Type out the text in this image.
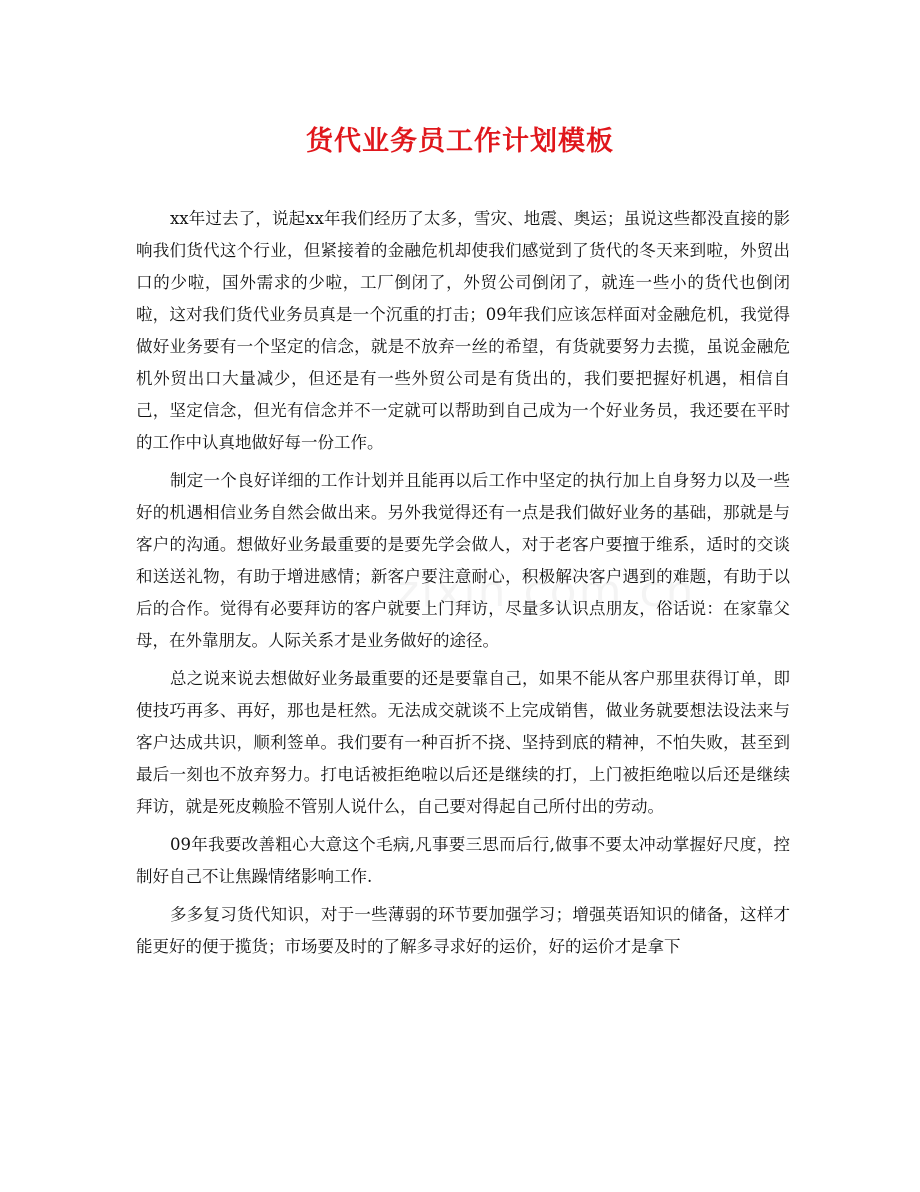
货代业务员工作计划模板

xx年过去了，说起xx年我们经历了太多，雪灾、地震、奥运；虽说这些都没直接的影响我们货代这个行业，但紧接着的金融危机却使我们感觉到了货代的冬天来到啦，外贸出口的少啦，国外需求的少啦，工厂倒闭了，外贸公司倒闭了，就连一些小的货代也倒闭啦，这对我们货代业务员真是一个沉重的打击；09年我们应该怎样面对金融危机，我觉得做好业务要有一个坚定的信念，就是不放弃一丝的希望，有货就要努力去揽，虽说金融危机外贸出口大量减少，但还是有一些外贸公司是有货出的，我们要把握好机遇，相信自己，坚定信念，但光有信念并不一定就可以帮助到自己成为一个好业务员，我还要在平时的工作中认真地做好每一份工作。

制定一个良好详细的工作计划并且能再以后工作中坚定的执行加上自身努力以及一些好的机遇相信业务自然会做出来。另外我觉得还有一点是我们做好业务的基础，那就是与客户的沟通。想做好业务最重要的是要先学会做人，对于老客户要擅于维系，适时的交谈和送送礼物，有助于增进感情；新客户要注意耐心，积极解决客户遇到的难题，有助于以后的合作。觉得有必要拜访的客户就要上门拜访，尽量多认识点朋友，俗话说：在家靠父母，在外靠朋友。人际关系才是业务做好的途径。

总之说来说去想做好业务最重要的还是要靠自己，如果不能从客户那里获得订单，即使技巧再多、再好，那也是枉然。无法成交就谈不上完成销售，做业务就要想法设法来与客户达成共识，顺利签单。我们要有一种百折不挠、坚持到底的精神，不怕失败，甚至到最后一刻也不放弃努力。打电话被拒绝啦以后还是继续的打，上门被拒绝啦以后还是继续拜访，就是死皮赖脸不管别人说什么，自己要对得起自己所付出的劳动。

09年我要改善粗心大意这个毛病,凡事要三思而后行,做事不要太冲动掌握好尺度，控制好自己不让焦躁情绪影响工作.

多多复习货代知识，对于一些薄弱的环节要加强学习；增强英语知识的储备，这样才能更好的便于揽货；市场要及时的了解多寻求好的运价，好的运价才是拿下
